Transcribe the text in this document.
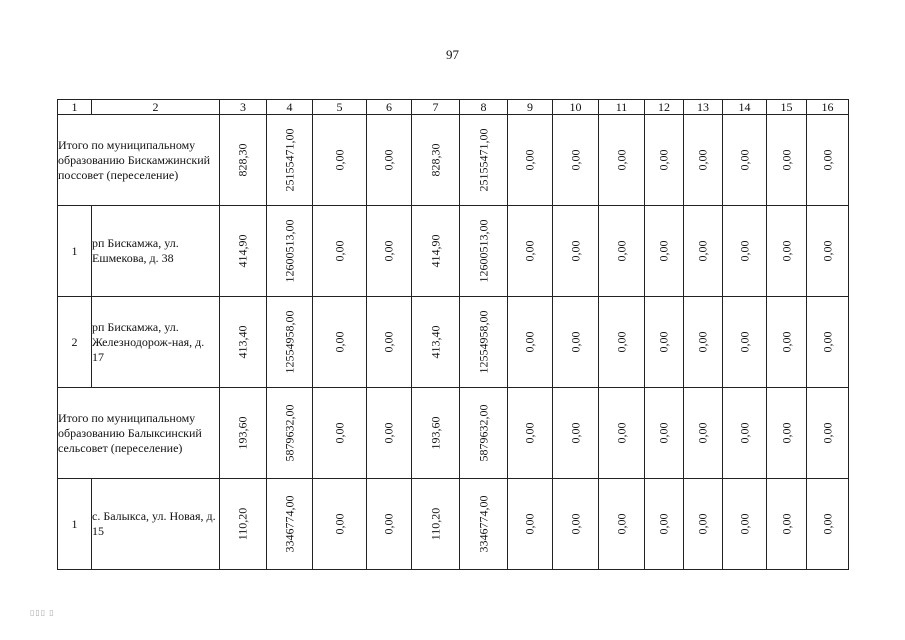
97
1	2	3	4	5	6	7	8	9	10	11	12	13	14	15	16
Итого по муниципальному образованию Бискамжинский поссовет (переселение)		828,30	25155471,00	0,00	0,00	828,30	25155471,00	0,00	0,00	0,00	0,00	0,00	0,00	0,00	0,00

1	рп Бискамжа, ул. Ешмекова, д. 38	414,90	12600513,00	0,00	0,00	414,90	12600513,00	0,00	0,00	0,00	0,00	0,00	0,00	0,00	0,00

2	рп Бискамжа, ул. Железнодорож-ная, д. 17	413,40	12554958,00	0,00	0,00	413,40	12554958,00	0,00	0,00	0,00	0,00	0,00	0,00	0,00	0,00

Итого по муниципальному образованию Балыксинский сельсовет (переселение)		193,60	5879632,00	0,00	0,00	193,60	5879632,00	0,00	0,00	0,00	0,00	0,00	0,00	0,00	0,00

1	с. Балыкса, ул. Новая, д. 15	110,20	3346774,00	0,00	0,00	110,20	3346774,00	0,00	0,00	0,00	0,00	0,00	0,00	0,00	0,00
▯▯▯ ▯
